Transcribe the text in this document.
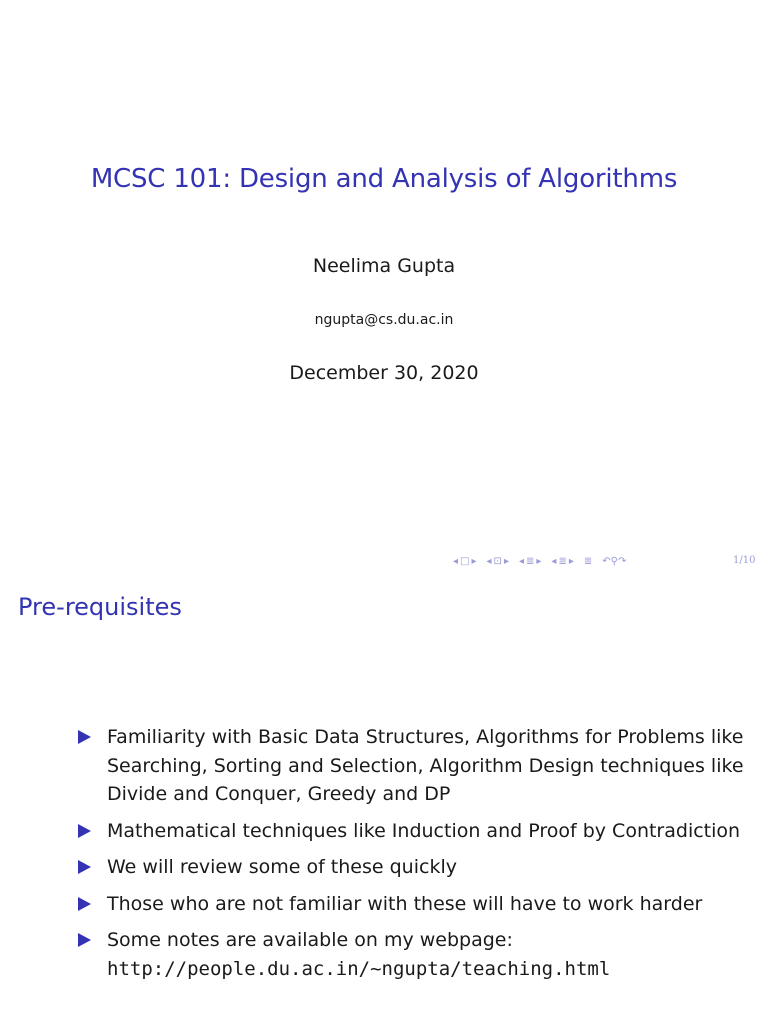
MCSC 101: Design and Analysis of Algorithms
Neelima Gupta
ngupta@cs.du.ac.in
December 30, 2020
◂ □ ▸ ◂ ⊡ ▸ ◂ ≣ ▸ ◂ ≣ ▸ ≣ ↶⚲↷	1/10
Pre-requisites
Familiarity with Basic Data Structures, Algorithms for Problems like Searching, Sorting and Selection, Algorithm Design techniques like Divide and Conquer, Greedy and DP
Mathematical techniques like Induction and Proof by Contradiction
We will review some of these quickly
Those who are not familiar with these will have to work harder
Some notes are available on my webpage:
http://people.du.ac.in/~ngupta/teaching.html
